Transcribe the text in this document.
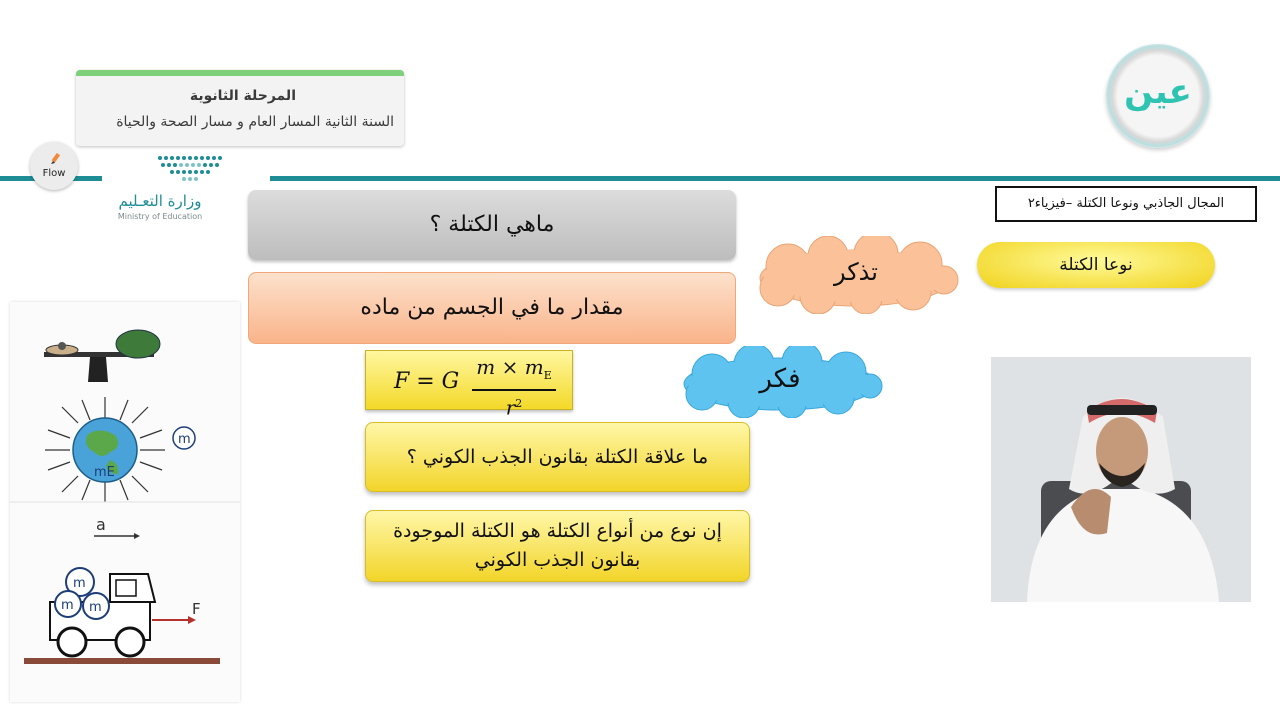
المرحلة الثانوية
السنة الثانية المسار العام و مسار الصحة والحياة
عين
Flow
وزارة التعـليم
Ministry of Education
المجال الجاذبي ونوعا الكتلة –فيزياء٢
ماهي الكتلة ؟
مقدار ما في الجسم من ماده
F = G
$m \times m_E$
$r^2$
ما علاقة الكتلة بقانون الجذب الكوني ؟
إن نوع من أنواع الكتلة هو الكتلة الموجودة
بقانون الجذب الكوني
تذكر
فكر
نوعا الكتلة
mE
m
a
m
m m	F
